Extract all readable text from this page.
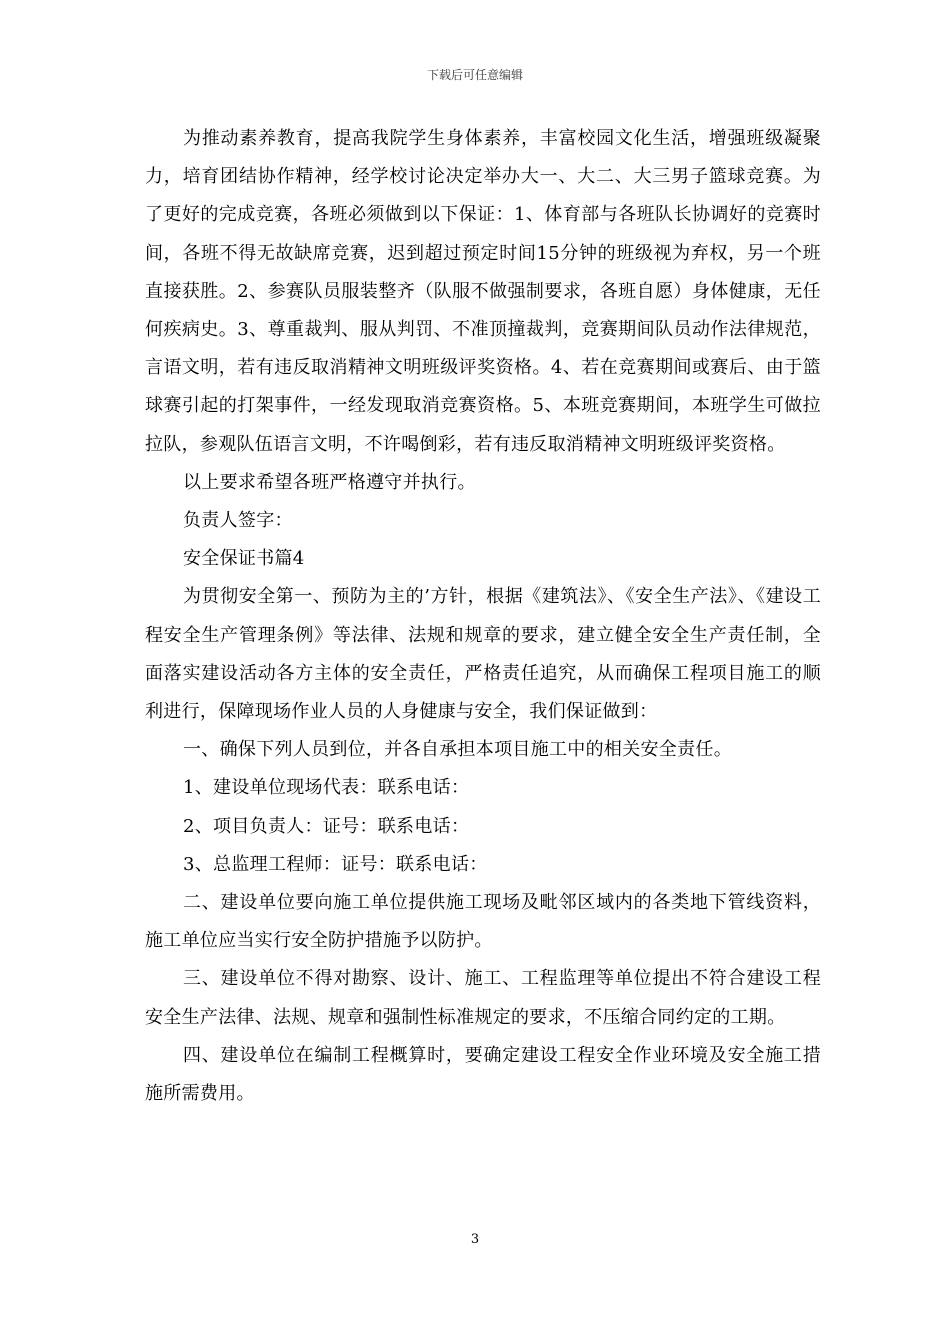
下载后可任意编辑

为推动素养教育，提高我院学生身体素养，丰富校园文化生活，增强班级凝聚力，培育团结协作精神，经学校讨论决定举办大一、大二、大三男子篮球竞赛。为了更好的完成竞赛，各班必须做到以下保证：1、体育部与各班队长协调好的竞赛时间，各班不得无故缺席竞赛，迟到超过预定时间15分钟的班级视为弃权，另一个班直接获胜。2、参赛队员服装整齐（队服不做强制要求，各班自愿）身体健康，无任何疾病史。3、尊重裁判、服从判罚、不准顶撞裁判，竞赛期间队员动作法律规范，言语文明，若有违反取消精神文明班级评奖资格。4、若在竞赛期间或赛后、由于篮球赛引起的打架事件，一经发现取消竞赛资格。5、本班竞赛期间，本班学生可做拉拉队，参观队伍语言文明，不许喝倒彩，若有违反取消精神文明班级评奖资格。

以上要求希望各班严格遵守并执行。

负责人签字：

安全保证书篇4

为贯彻安全第一、预防为主的’方针，根据《建筑法》、《安全生产法》、《建设工程安全生产管理条例》等法律、法规和规章的要求，建立健全安全生产责任制，全面落实建设活动各方主体的安全责任，严格责任追究，从而确保工程项目施工的顺利进行，保障现场作业人员的人身健康与安全，我们保证做到：

一、确保下列人员到位，并各自承担本项目施工中的相关安全责任。

1、建设单位现场代表：联系电话：

2、项目负责人：证号：联系电话：

3、总监理工程师：证号：联系电话：

二、建设单位要向施工单位提供施工现场及毗邻区域内的各类地下管线资料，施工单位应当实行安全防护措施予以防护。

三、建设单位不得对勘察、设计、施工、工程监理等单位提出不符合建设工程安全生产法律、法规、规章和强制性标准规定的要求，不压缩合同约定的工期。

四、建设单位在编制工程概算时，要确定建设工程安全作业环境及安全施工措施所需费用。

3
